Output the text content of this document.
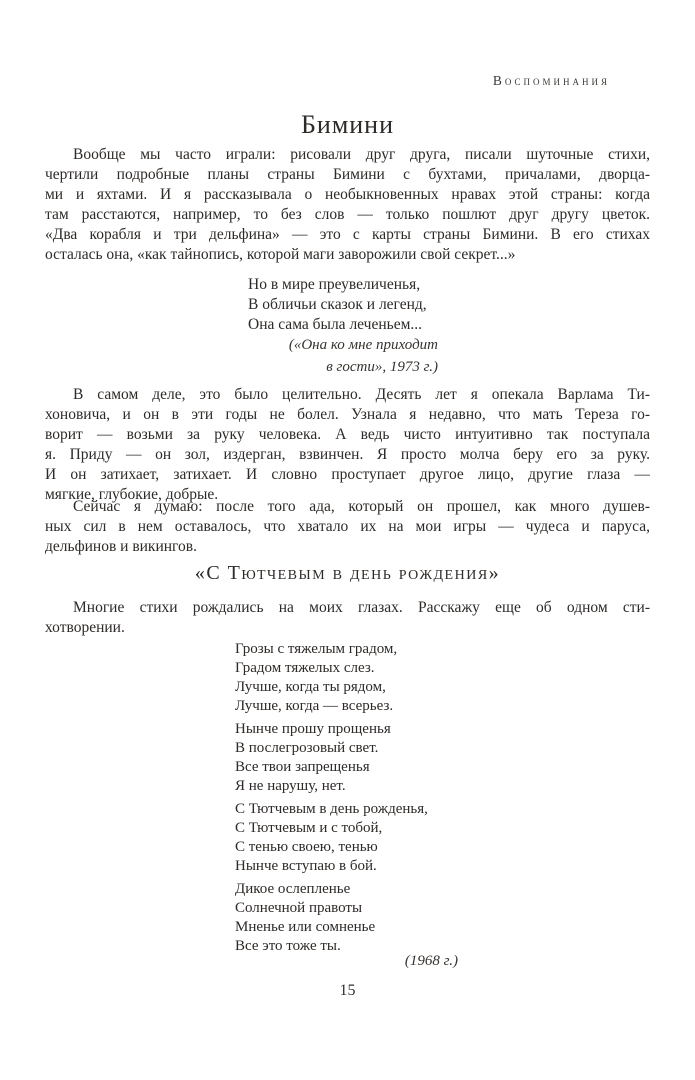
Воспоминания
Бимини
Вообще мы часто играли: рисовали друг друга, писали шуточные стихи,
чертили подробные планы страны Бимини с бухтами, причалами, дворца-
ми и яхтами. И я рассказывала о необыкновенных нравах этой страны: когда
там расстаются, например, то без слов — только пошлют друг другу цветок.
«Два корабля и три дельфина» — это с карты страны Бимини. В его стихах
осталась она, «как тайнопись, которой маги заворожили свой секрет...»
Но в мире преувеличенья,
В обличьи сказок и легенд,
Она сама была леченьем...
(«Она ко мне приходит
в гости», 1973 г.)
В самом деле, это было целительно. Десять лет я опекала Варлама Ти-
хоновича, и он в эти годы не болел. Узнала я недавно, что мать Тереза го-
ворит — возьми за руку человека. А ведь чисто интуитивно так поступала
я. Приду — он зол, издерган, взвинчен. Я просто молча беру его за руку.
И он затихает, затихает. И словно проступает другое лицо, другие глаза —
мягкие, глубокие, добрые.
Сейчас я думаю: после того ада, который он прошел, как много душев-
ных сил в нем оставалось, что хватало их на мои игры — чудеса и паруса,
дельфинов и викингов.
«С Тютчевым в день рождения»
Многие стихи рождались на моих глазах. Расскажу еще об одном сти-
хотворении.
Грозы с тяжелым градом,
Градом тяжелых слез.
Лучше, когда ты рядом,
Лучше, когда — всерьез.
Нынче прошу прощенья
В послегрозовый свет.
Все твои запрещенья
Я не нарушу, нет.
С Тютчевым в день рожденья,
С Тютчевым и с тобой,
С тенью своею, тенью
Нынче вступаю в бой.
Дикое ослепленье
Солнечной правоты
Мненье или сомненье
Все это тоже ты.
(1968 г.)
15
